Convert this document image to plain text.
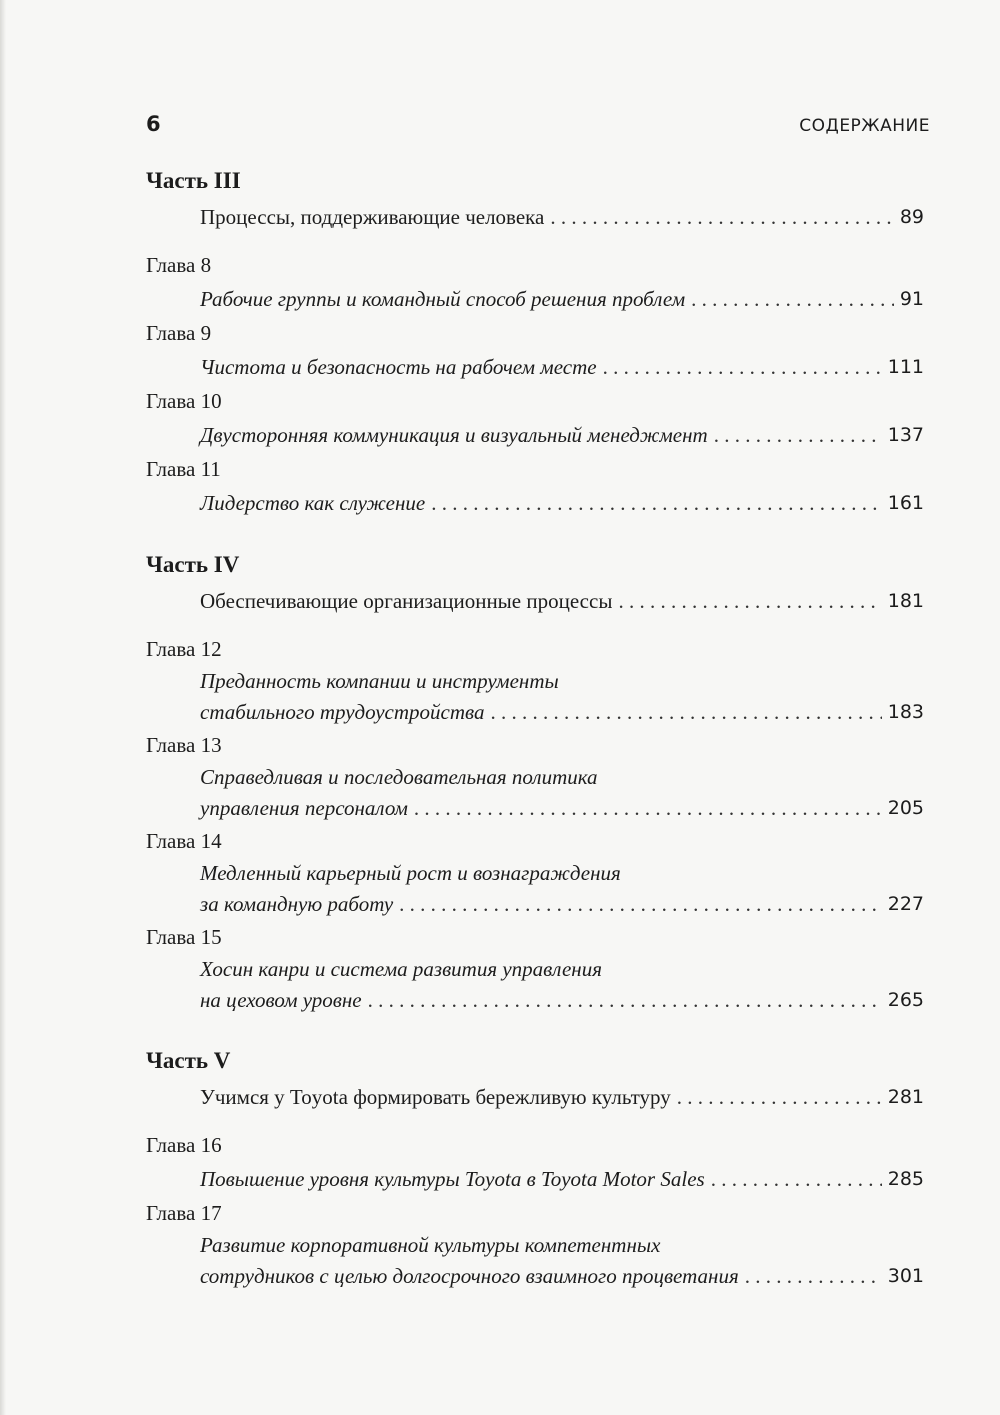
6	СОДЕРЖАНИЕ
Часть III
Процессы, поддерживающие человека . . .	89
Глава 8
Рабочие группы и командный способ решения проблем . . .	91
Глава 9
Чистота и безопасность на рабочем месте . . .	111
Глава 10
Двусторонняя коммуникация и визуальный менеджмент . . .	137
Глава 11
Лидерство как служение . . .	161
Часть IV
Обеспечивающие организационные процессы . . .	181
Глава 12
Преданность компании и инструменты
стабильного трудоустройства . . .	183
Глава 13
Справедливая и последовательная политика
управления персоналом . . .	205
Глава 14
Медленный карьерный рост и вознаграждения
за командную работу . . .	227
Глава 15
Хосин канри и система развития управления
на цеховом уровне . . .	265
Часть V
Учимся у Toyota формировать бережливую культуру . . .	281
Глава 16
Повышение уровня культуры Toyota в Toyota Motor Sales . . .	285
Глава 17
Развитие корпоративной культуры компетентных
сотрудников с целью долгосрочного взаимного процветания . . .	301
